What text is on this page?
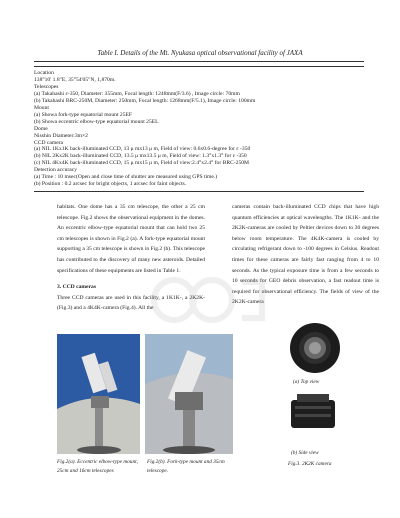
Table I. Details of the Mt. Nyukasa optical observational facility of JAXA
Location
138°10' 1.8"E, 35°54'05"N, 1,870m.
Telescopes
(a) Takahashi ε-350, Diameter: 355mm, Focal length: 1248mm(F/3.6) , Image circle: 70mm
(b) Takahashi BRC-250M, Diameter: 250mm, Focal length: 1268mm(F/5.1), Image circle: 100mm
Mount
(a) Showa fork-type equatorial mount 25EF
(b) Showa eccentric elbow-type equatorial mount 25EL
Dome
Nisshin Diameter:3m×2
CCD camera
(a) NIL 1Kx1K back-illuminated CCD, 13 μ mx13 μ m, Field of view: 0.6x0.6-degree for ε -350
(b) NIL 2Kx2K back-illuminated CCD, 13.5 μ mx13.5 μ m, Field of view: 1.3°x1.3° for ε -350
(c) NIL 4Kx4K back-illuminated CCD, 15 μ mx15 μ m, Field of view:2.4°x2.4° for BRC-250M
Detection accuracy
(a) Time : 10 msec(Open and close time of shutter are measured using GPS time.)
(b) Position : 0.2 arcsec for bright objects, 1 arcsec for faint objects.

habitats. One dome has a 35 cm telescope, the other a 25 cm telescope. Fig.2 shows the observational equipment in the domes. An eccentric elbow-type equatorial mount that can hold two 25 cm telescopes is shown in Fig.2 (a). A fork-type equatorial mount supporting a 35 cm telescope is shown in Fig.2 (b). This telescope has contributed to the discovery of many new asteroids. Detailed specifications of these equipments are listed in Table 1.

3. CCD cameras

Three CCD cameras are used in this facility, a 1K1K-, a 2K2K-(Fig.3) and a 4K4K-camera (Fig.4). All the

cameras contain back-illuminated CCD chips that have high quantum efficiencies at optical wavelengths. The 1K1K- and the 2K2K-cameras are cooled by Peltier devices down to 30 degrees below room temperature. The 4K4K-camera is cooled by circulating refrigerant down to -100 degrees in Celsius. Readout times for these cameras are fairly fast ranging from 4 to 10 seconds. As the typical exposure time is from a few seconds to 10 seconds for GEO debris observation, a fast readout time is required for observational efficiency. The fields of view of the 2K2K-camera

(a) Top view
(b) Side view
Fig.3. 2K2K camera
Fig.2(a). Eccentric elbow-type mount,
25cm and 16cm telescopes
Fig.2(b). Fork-type mount and 35cm
telescope.
